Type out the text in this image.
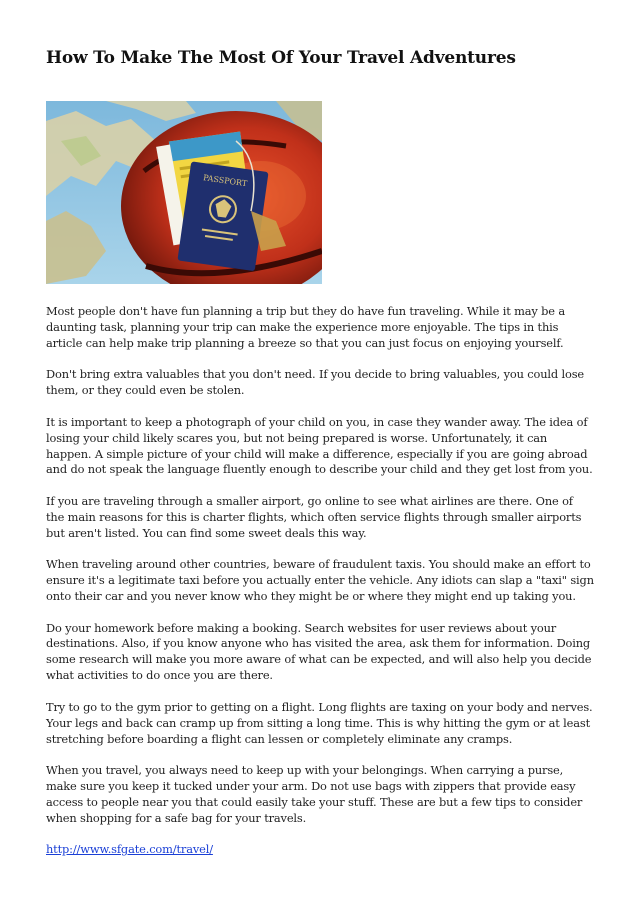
How To Make The Most Of Your Travel Adventures
PASSPORT

Most people don't have fun planning a trip but they do have fun traveling. While it may be a daunting task, planning your trip can make the experience more enjoyable. The tips in this article can help make trip planning a breeze so that you can just focus on enjoying yourself.

Don't bring extra valuables that you don't need. If you decide to bring valuables, you could lose them, or they could even be stolen.

It is important to keep a photograph of your child on you, in case they wander away. The idea of losing your child likely scares you, but not being prepared is worse. Unfortunately, it can happen. A simple picture of your child will make a difference, especially if you are going abroad and do not speak the language fluently enough to describe your child and they get lost from you.

If you are traveling through a smaller airport, go online to see what airlines are there. One of the main reasons for this is charter flights, which often service flights through smaller airports but aren't listed. You can find some sweet deals this way.

When traveling around other countries, beware of fraudulent taxis. You should make an effort to ensure it's a legitimate taxi before you actually enter the vehicle. Any idiots can slap a "taxi" sign onto their car and you never know who they might be or where they might end up taking you.

Do your homework before making a booking. Search websites for user reviews about your destinations. Also, if you know anyone who has visited the area, ask them for information. Doing some research will make you more aware of what can be expected, and will also help you decide what activities to do once you are there.

Try to go to the gym prior to getting on a flight. Long flights are taxing on your body and nerves. Your legs and back can cramp up from sitting a long time. This is why hitting the gym or at least stretching before boarding a flight can lessen or completely eliminate any cramps.

When you travel, you always need to keep up with your belongings. When carrying a purse, make sure you keep it tucked under your arm. Do not use bags with zippers that provide easy access to people near you that could easily take your stuff. These are but a few tips to consider when shopping for a safe bag for your travels.

http://www.sfgate.com/travel/
